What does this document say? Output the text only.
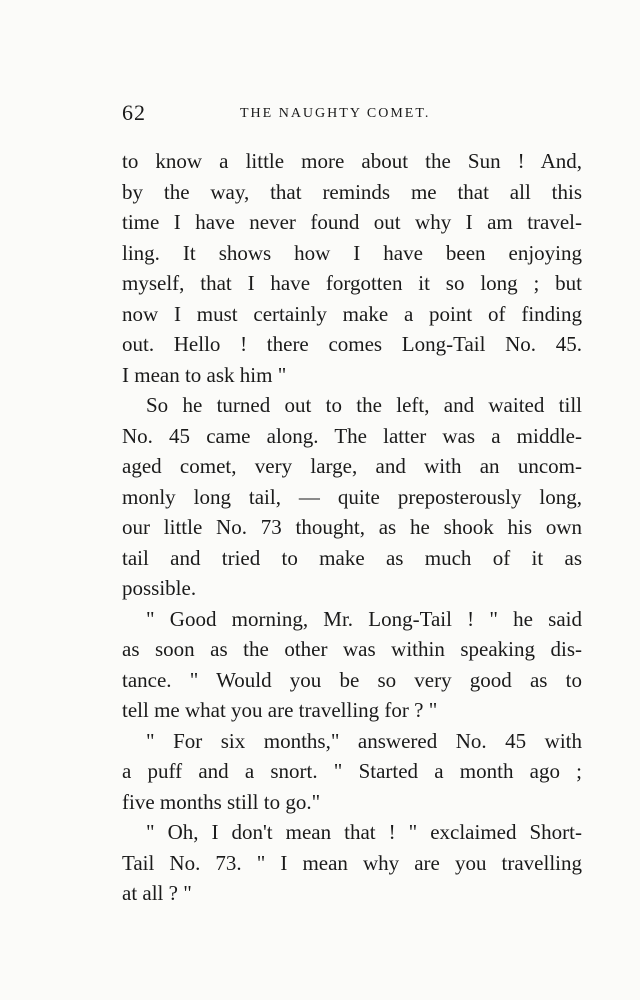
62	THE NAUGHTY COMET.
to know a little more about the Sun ! And,
by the way, that reminds me that all this
time I have never found out why I am travel-
ling. It shows how I have been enjoying
myself, that I have forgotten it so long ; but
now I must certainly make a point of finding
out. Hello ! there comes Long-Tail No. 45.
I mean to ask him "
So he turned out to the left, and waited till
No. 45 came along. The latter was a middle-
aged comet, very large, and with an uncom-
monly long tail, — quite preposterously long,
our little No. 73 thought, as he shook his own
tail and tried to make as much of it as
possible.
" Good morning, Mr. Long-Tail ! " he said
as soon as the other was within speaking dis-
tance. " Would you be so very good as to
tell me what you are travelling for ? "
" For six months," answered No. 45 with
a puff and a snort. " Started a month ago ;
five months still to go."
" Oh, I don't mean that ! " exclaimed Short-
Tail No. 73. " I mean why are you travelling
at all ? "
